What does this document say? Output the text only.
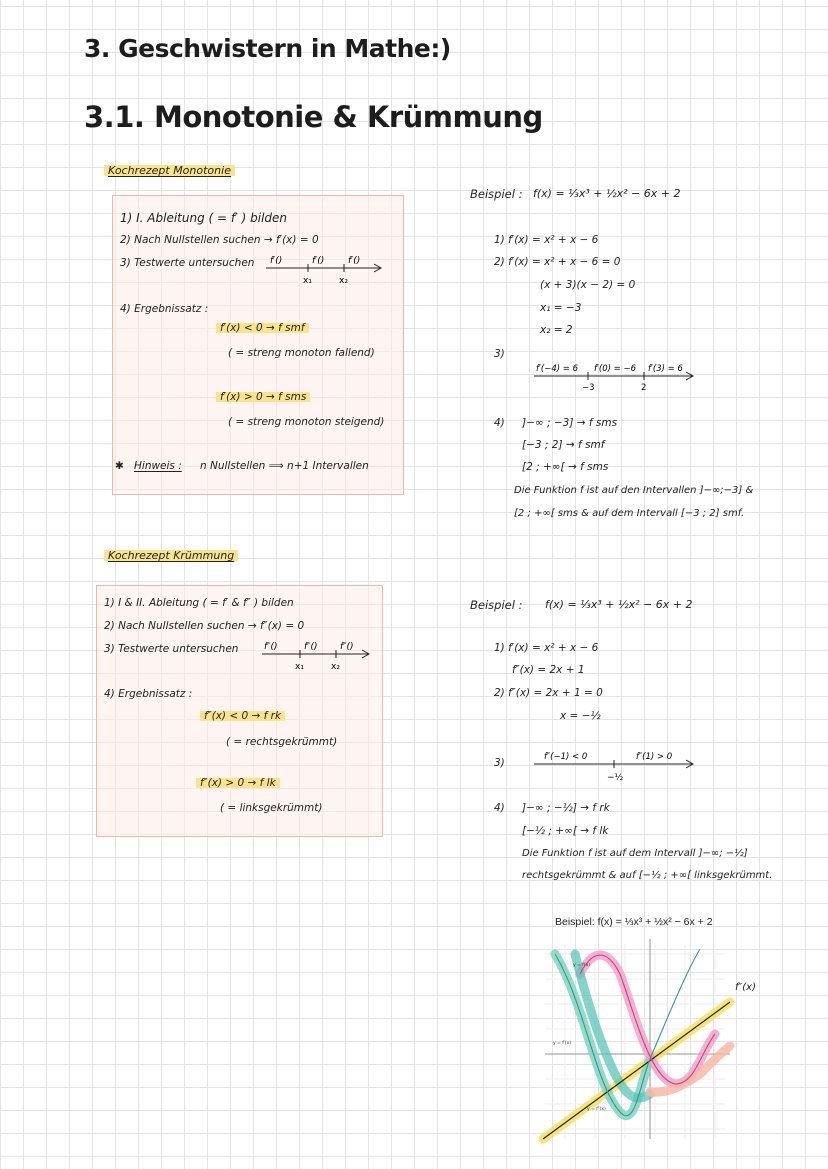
3. Geschwistern in Mathe:)
3.1. Monotonie & Krümmung
Kochrezept Monotonie
1) I. Ableitung ( = f′ ) bilden
2) Nach Nullstellen suchen → f′(x) = 0
3) Testwerte untersuchen f′()	f′()	f′()
x₁	x₂
4) Ergebnissatz :
f′(x) < 0 → f smf
( = streng monoton fallend)
f′(x) > 0 → f sms
( = streng monoton steigend)
✱ Hinweis : n Nullstellen ⟹ n+1 Intervallen
Kochrezept Krümmung
1) I & II. Ableitung ( = f′ & f″ ) bilden
2) Nach Nullstellen suchen → f″(x) = 0
3) Testwerte untersuchen	f″()	f″() f″()
x₁	x₂
4) Ergebnissatz :
f″(x) < 0 → f rk
( = rechtsgekrümmt)
f″(x) > 0 → f lk
( = linksgekrümmt)
Beispiel : f(x) = ⅓x³ + ½x² − 6x + 2
1) f′(x) = x² + x − 6
2) f′(x) = x² + x − 6 = 0
(x + 3)(x − 2) = 0
x₁ = −3
x₂ = 2
3)
f′(−4) = 6 f′(0) = −6 f′(3) = 6
−3	2
4) ]−∞ ; −3] → f sms
[−3 ; 2] → f smf
[2 ; +∞[ → f sms
Die Funktion f ist auf den Intervallen ]−∞;−3] &
[2 ; +∞[ sms & auf dem Intervall [−3 ; 2] smf.
Beispiel : f(x) = ⅓x³ + ½x² − 6x + 2
1) f′(x) = x² + x − 6
f″(x) = 2x + 1
2) f″(x) = 2x + 1 = 0
x = −½
3)	f″(−1) < 0	f″(1) > 0
−½
4) ]−∞ ; −½] → f rk
[−½ ; +∞[ → f lk
Die Funktion f ist auf dem Intervall ]−∞; −½]
rechtsgekrümmt & auf [−½ ; +∞[ linksgekrümmt.
Beispiel: f(x) = ⅓x³ + ½x² − 6x + 2
y = f(x)
y = f′(x)
y = f″(x)
f″(x)
